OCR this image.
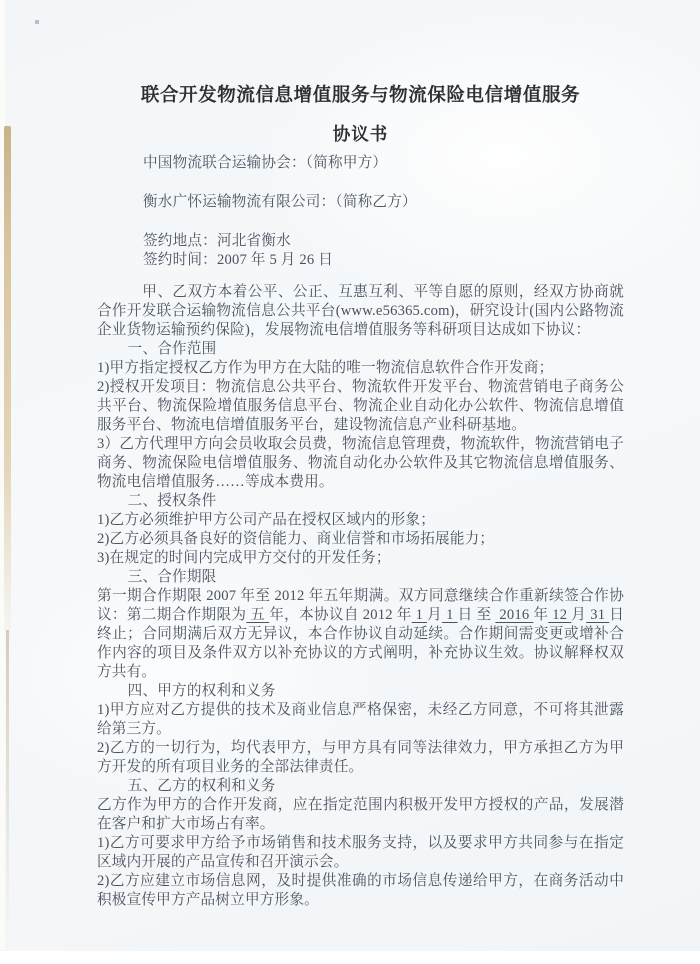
联合开发物流信息增值服务与物流保险电信增值服务
协议书

中国物流联合运输协会：（简称甲方）

衡水广怀运输物流有限公司：（简称乙方）

签约地点：河北省衡水

签约时间：2007 年 5 月 26 日

甲、乙双方本着公平、公正、互惠互利、平等自愿的原则，经双方协商就合作开发联合运输物流信息公共平台(www.e56365.com)，研究设计(国内公路物流企业货物运输预约保险)，发展物流电信增值服务等科研项目达成如下协议：

一、合作范围

1)甲方指定授权乙方作为甲方在大陆的唯一物流信息软件合作开发商；

2)授权开发项目：物流信息公共平台、物流软件开发平台、物流营销电子商务公共平台、物流保险增值服务信息平台、物流企业自动化办公软件、物流信息增值服务平台、物流电信增值服务平台，建设物流信息产业科研基地。

3）乙方代理甲方向会员收取会员费，物流信息管理费，物流软件，物流营销电子商务、物流保险电信增值服务、物流自动化办公软件及其它物流信息增值服务、物流电信增值服务……等成本费用。

二、授权条件

1)乙方必须维护甲方公司产品在授权区域内的形象；

2)乙方必须具备良好的资信能力、商业信誉和市场拓展能力；

3)在规定的时间内完成甲方交付的开发任务；

三、合作期限

第一期合作期限 2007 年至 2012 年五年期满。双方同意继续合作重新续签合作协议：第二期合作期限为 五 年，本协议自 2012 年 1 月 1 日 至  2016 年 12 月 31 日终止；合同期满后双方无异议，本合作协议自动延续。合作期间需变更或增补合作内容的项目及条件双方以补充协议的方式阐明，补充协议生效。协议解释权双方共有。

四、甲方的权利和义务

1)甲方应对乙方提供的技术及商业信息严格保密，未经乙方同意，不可将其泄露给第三方。

2)乙方的一切行为，均代表甲方，与甲方具有同等法律效力，甲方承担乙方为甲方开发的所有项目业务的全部法律责任。

五、乙方的权利和义务

乙方作为甲方的合作开发商，应在指定范围内积极开发甲方授权的产品，发展潜在客户和扩大市场占有率。

1)乙方可要求甲方给予市场销售和技术服务支持，以及要求甲方共同参与在指定区域内开展的产品宣传和召开演示会。

2)乙方应建立市场信息网，及时提供准确的市场信息传递给甲方，在商务活动中积极宣传甲方产品树立甲方形象。
